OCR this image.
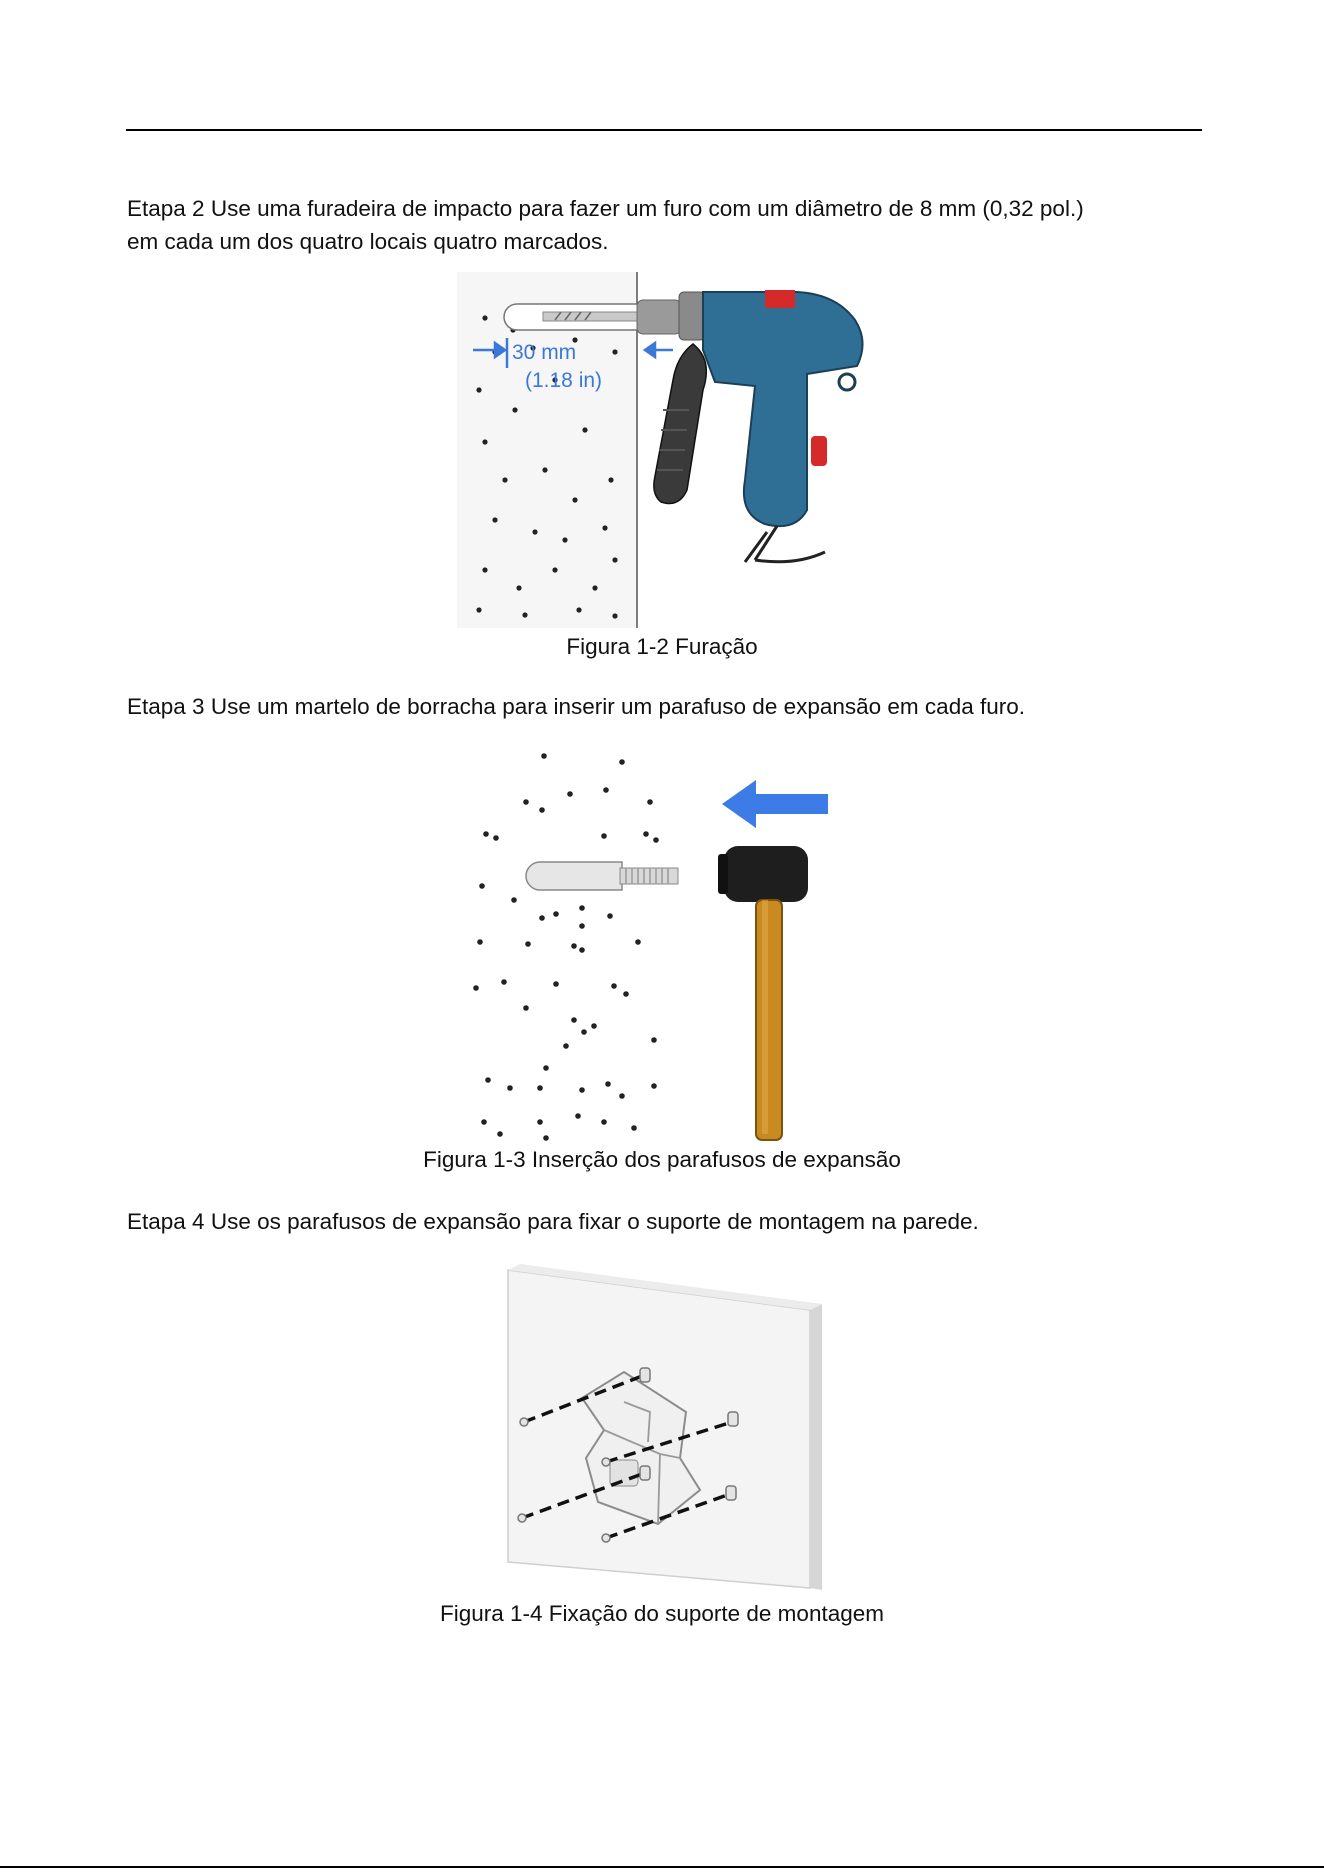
Etapa 2 Use uma furadeira de impacto para fazer um furo com um diâmetro de 8 mm (0,32 pol.)
em cada um dos quatro locais quatro marcados.

30 mm
(1.18 in)

Figura 1-2 Furação

Etapa 3 Use um martelo de borracha para inserir um parafuso de expansão em cada furo.

Figura 1-3 Inserção dos parafusos de expansão

Etapa 4 Use os parafusos de expansão para fixar o suporte de montagem na parede.

Figura 1-4 Fixação do suporte de montagem
